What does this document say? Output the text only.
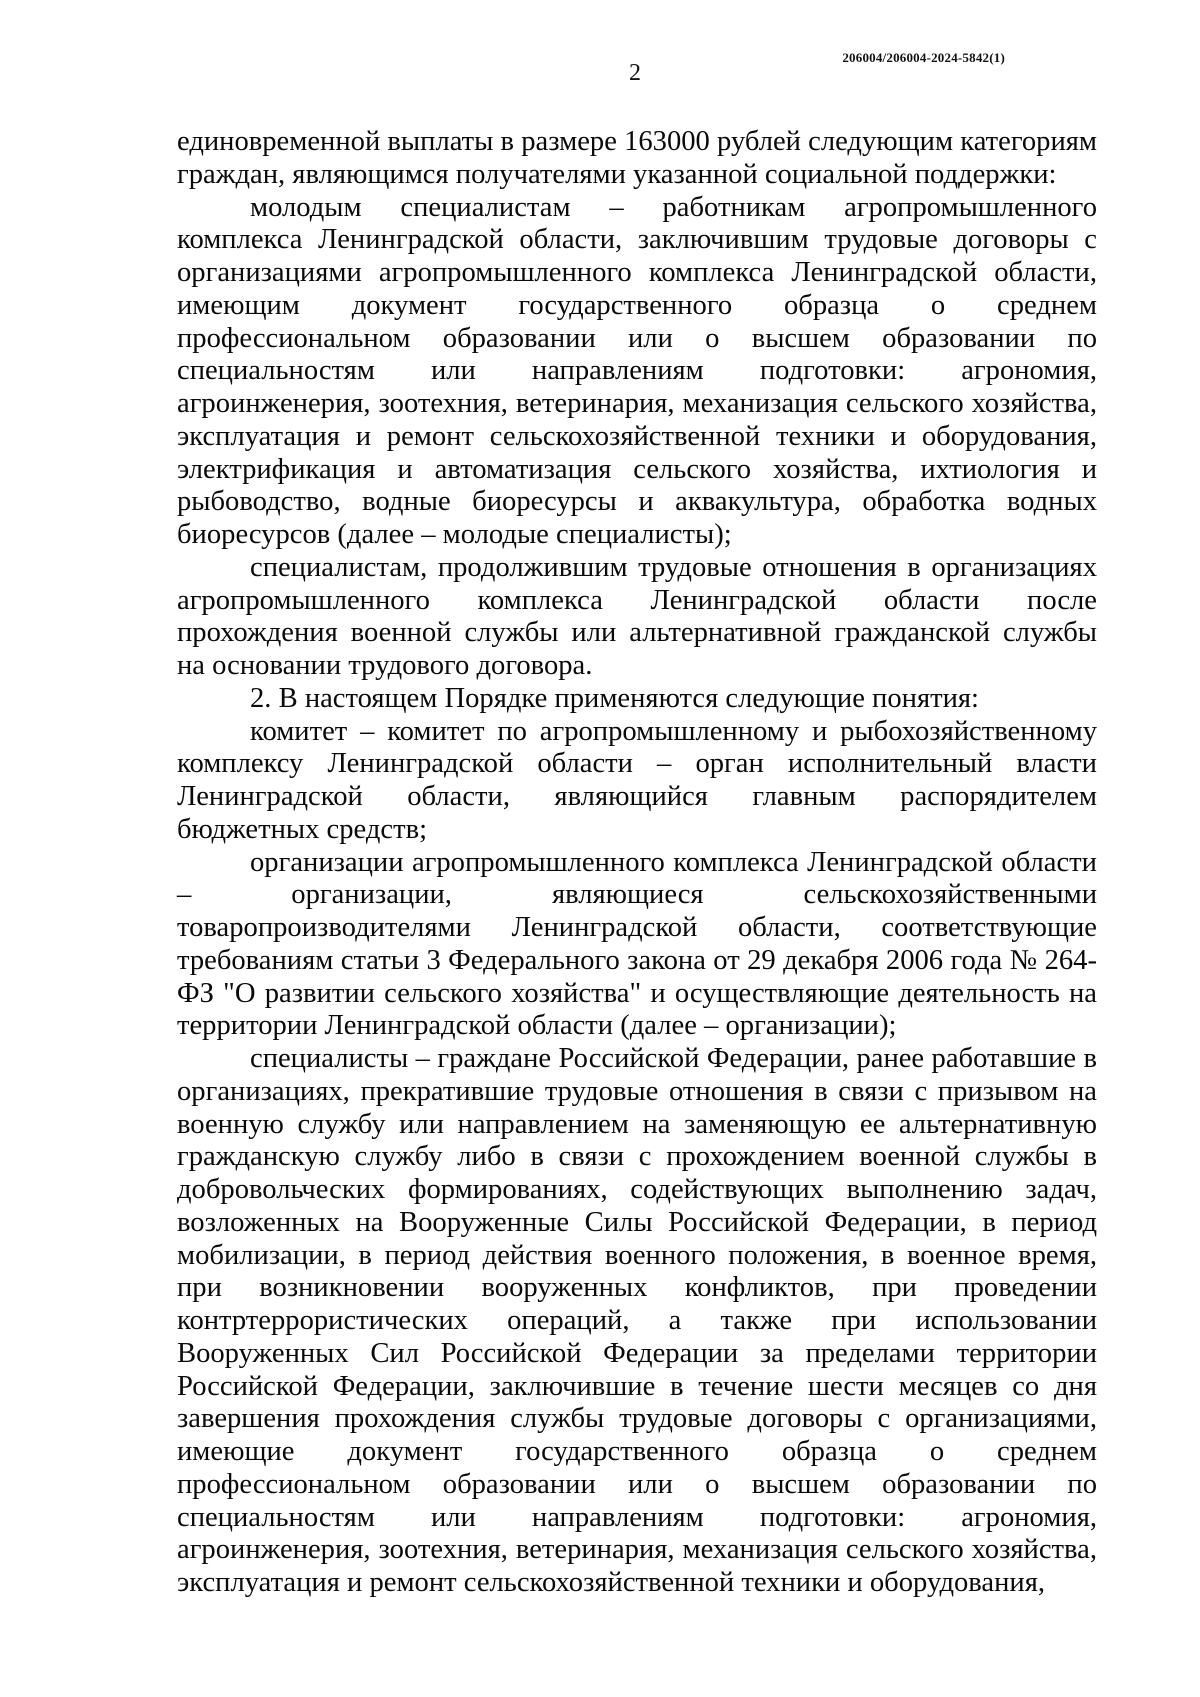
206004/206004-2024-5842(1)
2

единовременной выплаты в размере 163000 рублей следующим категориям граждан, являющимся получателями указанной социальной поддержки:

молодым специалистам – работникам агропромышленного комплекса Ленинградской области, заключившим трудовые договоры с организациями агропромышленного комплекса Ленинградской области, имеющим документ государственного образца о среднем профессиональном образовании или о высшем образовании по специальностям или направлениям подготовки: агрономия, агроинженерия, зоотехния, ветеринария, механизация сельского хозяйства, эксплуатация и ремонт сельскохозяйственной техники и оборудования, электрификация и автоматизация сельского хозяйства, ихтиология и рыбоводство, водные биоресурсы и аквакультура, обработка водных биоресурсов (далее – молодые специалисты);

специалистам, продолжившим трудовые отношения в организациях агропромышленного комплекса Ленинградской области после прохождения военной службы или альтернативной гражданской службы на основании трудового договора.

2. В настоящем Порядке применяются следующие понятия:

комитет – комитет по агропромышленному и рыбохозяйственному комплексу Ленинградской области – орган исполнительный власти Ленинградской области, являющийся главным распорядителем бюджетных средств;

организации агропромышленного комплекса Ленинградской области – организации, являющиеся сельскохозяйственными товаропроизводителями Ленинградской области, соответствующие требованиям статьи 3 Федерального закона от 29 декабря 2006 года № 264-ФЗ "О развитии сельского хозяйства" и осуществляющие деятельность на территории Ленинградской области (далее – организации);

специалисты – граждане Российской Федерации, ранее работавшие в организациях, прекратившие трудовые отношения в связи с призывом на военную службу или направлением на заменяющую ее альтернативную гражданскую службу либо в связи с прохождением военной службы в добровольческих формированиях, содействующих выполнению задач, возложенных на Вооруженные Силы Российской Федерации, в период мобилизации, в период действия военного положения, в военное время, при возникновении вооруженных конфликтов, при проведении контртеррористических операций, а также при использовании Вооруженных Сил Российской Федерации за пределами территории Российской Федерации, заключившие в течение шести месяцев со дня завершения прохождения службы трудовые договоры с организациями, имеющие документ государственного образца о среднем профессиональном образовании или о высшем образовании по специальностям или направлениям подготовки: агрономия, агроинженерия, зоотехния, ветеринария, механизация сельского хозяйства, эксплуатация и ремонт сельскохозяйственной техники и оборудования,
